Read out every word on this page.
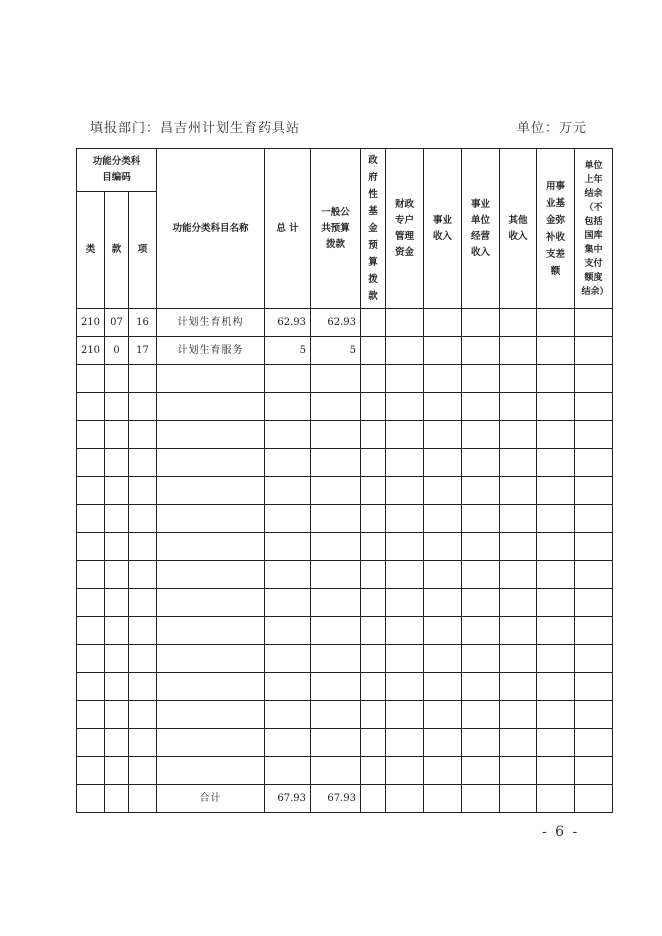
填报部门：昌吉州计划生育药具站	单位：万元
功能分类科目编码			功能分类科目名称	总 计	一般公共预算拨款	政府性基金预算拨款	财政专户管理资金	事业收入	事业单位经营收入	其他收入	用事业基金弥补收支差额	单位上年结余（不包括国库集中支付额度结余）

类	款	项										
210	07	16	计划生育机构	62.93	62.93							
210	0	17	计划生育服务	5	5							

			合计	67.93	67.93							
- 6 -
